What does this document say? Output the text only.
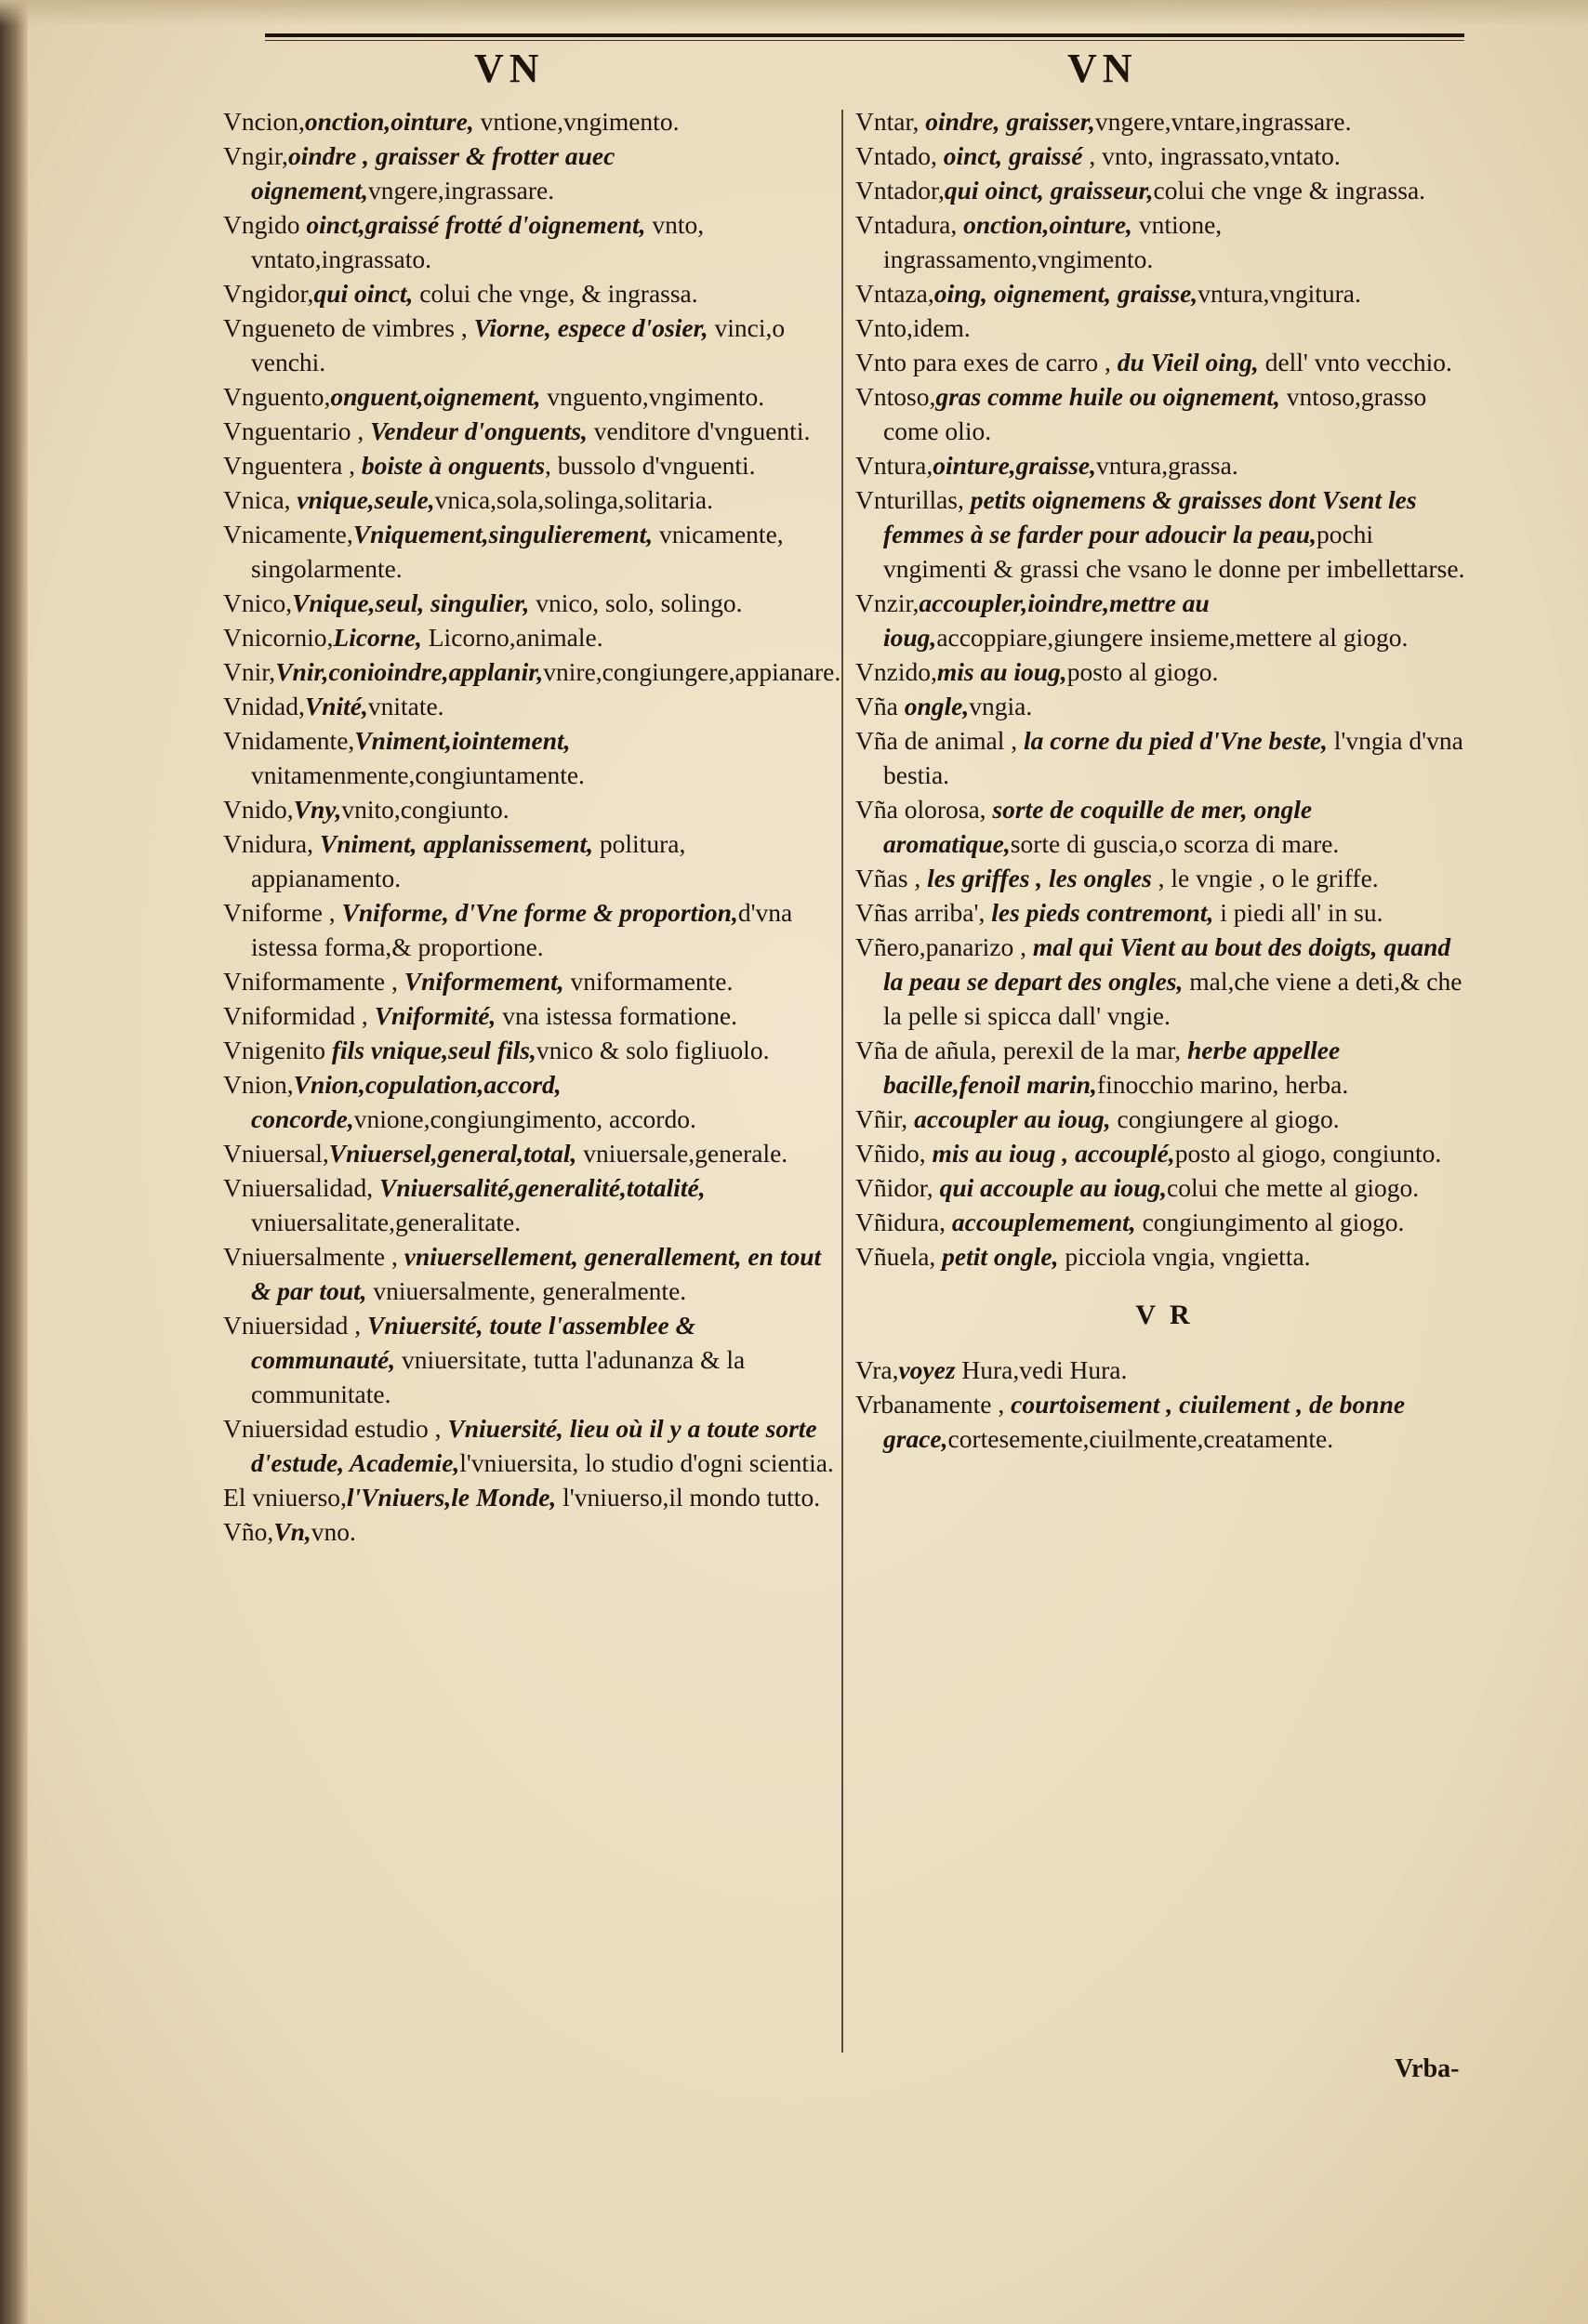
VN	VN
Vncion,onction,ointure, vntione,vngimento.
Vngir,oindre , graisser & frotter auec oignement,vngere,ingrassare.
Vngido oinct,graissé frotté d'oignement, vnto, vntato,ingrassato.
Vngidor,qui oinct, colui che vnge, & ingrassa.
Vngueneto de vimbres , Viorne, espece d'osier, vinci,o venchi.
Vnguento,onguent,oignement, vnguento,vngimento.
Vnguentario , Vendeur d'onguents, venditore d'vnguenti.
Vnguentera , boiste à onguents, bussolo d'vnguenti.
Vnica, vnique,seule,vnica,sola,solinga,solitaria.
Vnicamente,Vniquement,singulierement, vnicamente, singolarmente.
Vnico,Vnique,seul, singulier, vnico, solo, solingo.
Vnicornio,Licorne, Licorno,animale.
Vnir,Vnir,conioindre,applanir,vnire,congiungere,appianare.
Vnidad,Vnité,vnitate.
Vnidamente,Vniment,iointement, vnitamenmente,congiuntamente.
Vnido,Vny,vnito,congiunto.
Vnidura, Vniment, applanissement, politura, appianamento.
Vniforme , Vniforme, d'Vne forme & proportion,d'vna istessa forma,& proportione.
Vniformamente , Vniformement, vniformamente.
Vniformidad , Vniformité, vna istessa formatione.
Vnigenito fils vnique,seul fils,vnico & solo figliuolo.
Vnion,Vnion,copulation,accord, concorde,vnione,congiungimento, accordo.
Vniuersal,Vniuersel,general,total, vniuersale,generale.
Vniuersalidad, Vniuersalité,generalité,totalité, vniuersalitate,generalitate.
Vniuersalmente , vniuersellement, generallement, en tout & par tout, vniuersalmente, generalmente.
Vniuersidad , Vniuersité, toute l'assemblee & communauté, vniuersitate, tutta l'adunanza & la communitate.
Vniuersidad estudio , Vniuersité, lieu où il y a toute sorte d'estude, Academie,l'vniuersita, lo studio d'ogni scientia.
El vniuerso,l'Vniuers,le Monde, l'vniuerso,il mondo tutto.
Vño,Vn,vno.
Vntar, oindre, graisser,vngere,vntare,ingrassare.
Vntado, oinct, graissé , vnto, ingrassato,vntato.
Vntador,qui oinct, graisseur,colui che vnge & ingrassa.
Vntadura, onction,ointure, vntione, ingrassamento,vngimento.
Vntaza,oing, oignement, graisse,vntura,vngitura.
Vnto,idem.
Vnto para exes de carro , du Vieil oing, dell' vnto vecchio.
Vntoso,gras comme huile ou oignement, vntoso,grasso come olio.
Vntura,ointure,graisse,vntura,grassa.
Vnturillas, petits oignemens & graisses dont Vsent les femmes à se farder pour adoucir la peau,pochi vngimenti & grassi che vsano le donne per imbellettarse.
Vnzir,accoupler,ioindre,mettre au ioug,accoppiare,giungere insieme,mettere al giogo.
Vnzido,mis au ioug,posto al giogo.
Vña ongle,vngia.
Vña de animal , la corne du pied d'Vne beste, l'vngia d'vna bestia.
Vña olorosa, sorte de coquille de mer, ongle aromatique,sorte di guscia,o scorza di mare.
Vñas , les griffes , les ongles , le vngie , o le griffe.
Vñas arriba', les pieds contremont, i piedi all' in su.
Vñero,panarizo , mal qui Vient au bout des doigts, quand la peau se depart des ongles, mal,che viene a deti,& che la pelle si spicca dall' vngie.
Vña de añula, perexil de la mar, herbe appellee bacille,fenoil marin,finocchio marino, herba.
Vñir, accoupler au ioug, congiungere al giogo.
Vñido, mis au ioug , accouplé,posto al giogo, congiunto.
Vñidor, qui accouple au ioug,colui che mette al giogo.
Vñidura, accouplemement, congiungimento al giogo.
Vñuela, petit ongle, picciola vngia, vngietta.
V R
Vra,voyez Hura,vedi Hura.
Vrbanamente , courtoisement , ciuilement , de bonne grace,cortesemente,ciuilmente,creatamente.
Vrba-
